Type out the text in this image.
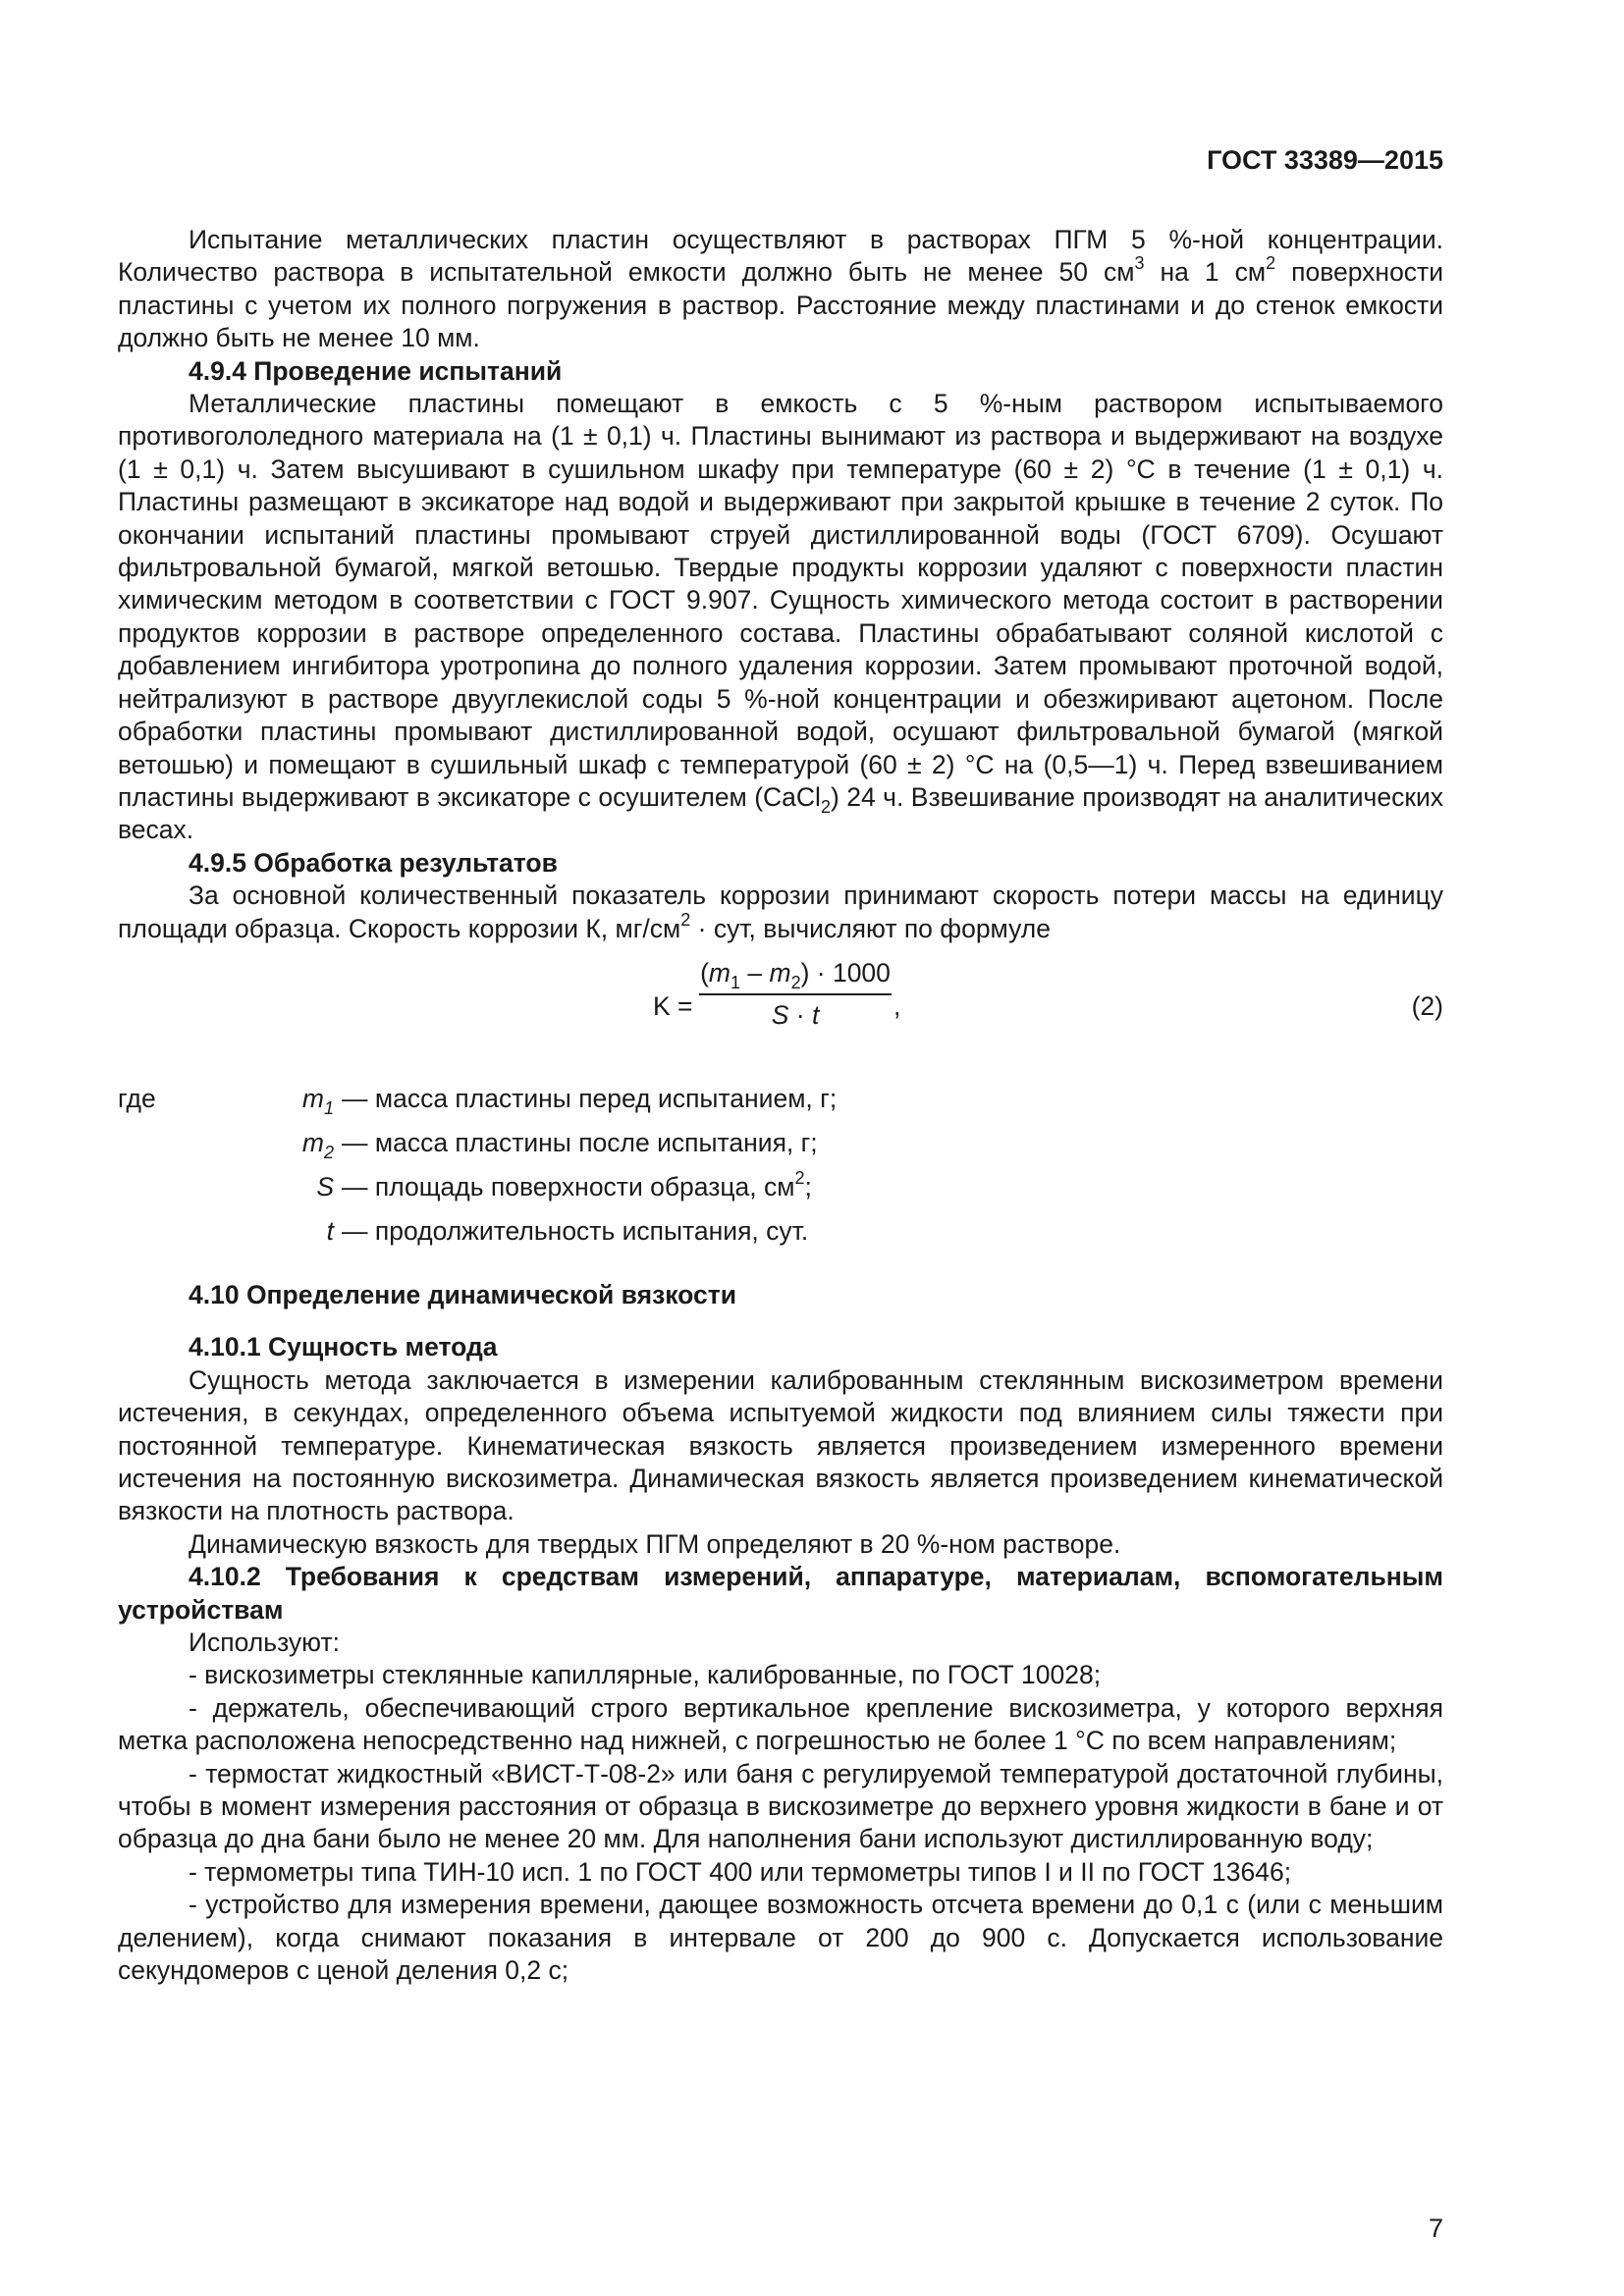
ГОСТ 33389—2015

Испытание металлических пластин осуществляют в растворах ПГМ 5 %-ной концентрации. Количество раствора в испытательной емкости должно быть не менее 50 $см^3$ на 1 $см^2$ поверхности пластины с учетом их полного погружения в раствор. Расстояние между пластинами и до стенок емкости должно быть не менее 10 мм.

4.9.4 Проведение испытаний

Металлические пластины помещают в емкость с 5 %-ным раствором испытываемого противогололедного материала на (1 ± 0,1) ч. Пластины вынимают из раствора и выдерживают на воздухе (1 ± 0,1) ч. Затем высушивают в сушильном шкафу при температуре (60 ± 2) °С в течение (1 ± 0,1) ч. Пластины размещают в эксикаторе над водой и выдерживают при закрытой крышке в течение 2 суток. По окончании испытаний пластины промывают струей дистиллированной воды (ГОСТ 6709). Осушают фильтровальной бумагой, мягкой ветошью. Твердые продукты коррозии удаляют с поверхности пластин химическим методом в соответствии с ГОСТ 9.907. Сущность химического метода состоит в растворении продуктов коррозии в растворе определенного состава. Пластины обрабатывают соляной кислотой с добавлением ингибитора уротропина до полного удаления коррозии. Затем промывают проточной водой, нейтрализуют в растворе двууглекислой соды 5 %-ной концентрации и обезжиривают ацетоном. После обработки пластины промывают дистиллированной водой, осушают фильтровальной бумагой (мягкой ветошью) и помещают в сушильный шкаф с температурой (60 ± 2) °С на (0,5—1) ч. Перед взвешиванием пластины выдерживают в эксикаторе с осушителем (CaCl$_2$) 24 ч. Взвешивание производят на аналитических весах.

4.9.5 Обработка результатов

За основной количественный показатель коррозии принимают скорость потери массы на единицу площади образца. Скорость коррозии К, $мг/см^2$ · сут, вычисляют по формуле

K =
$(m_1 - m_2) \cdot 1000$
S · t	,	(2)
где	$m_1$ — масса пластины перед испытанием, г;
$m_2$ — масса пластины после испытания, г;
S — площадь поверхности образца, $см^2$;
t — продолжительность испытания, сут.

4.10 Определение динамической вязкости

4.10.1 Сущность метода

Сущность метода заключается в измерении калиброванным стеклянным вискозиметром времени истечения, в секундах, определенного объема испытуемой жидкости под влиянием силы тяжести при постоянной температуре. Кинематическая вязкость является произведением измеренного времени истечения на постоянную вискозиметра. Динамическая вязкость является произведением кинематической вязкости на плотность раствора.

Динамическую вязкость для твердых ПГМ определяют в 20 %-ном растворе.

4.10.2 Требования к средствам измерений, аппаратуре, материалам, вспомогательным устройствам

Используют:

- вискозиметры стеклянные капиллярные, калиброванные, по ГОСТ 10028;

- держатель, обеспечивающий строго вертикальное крепление вискозиметра, у которого верхняя метка расположена непосредственно над нижней, с погрешностью не более 1 °С по всем направлениям;

- термостат жидкостный «ВИСТ-Т-08-2» или баня с регулируемой температурой достаточной глубины, чтобы в момент измерения расстояния от образца в вискозиметре до верхнего уровня жидкости в бане и от образца до дна бани было не менее 20 мм. Для наполнения бани используют дистиллированную воду;

- термометры типа ТИН-10 исп. 1 по ГОСТ 400 или термометры типов I и II по ГОСТ 13646;

- устройство для измерения времени, дающее возможность отсчета времени до 0,1 с (или с меньшим делением), когда снимают показания в интервале от 200 до 900 с. Допускается использование секундомеров с ценой деления 0,2 с;

7
